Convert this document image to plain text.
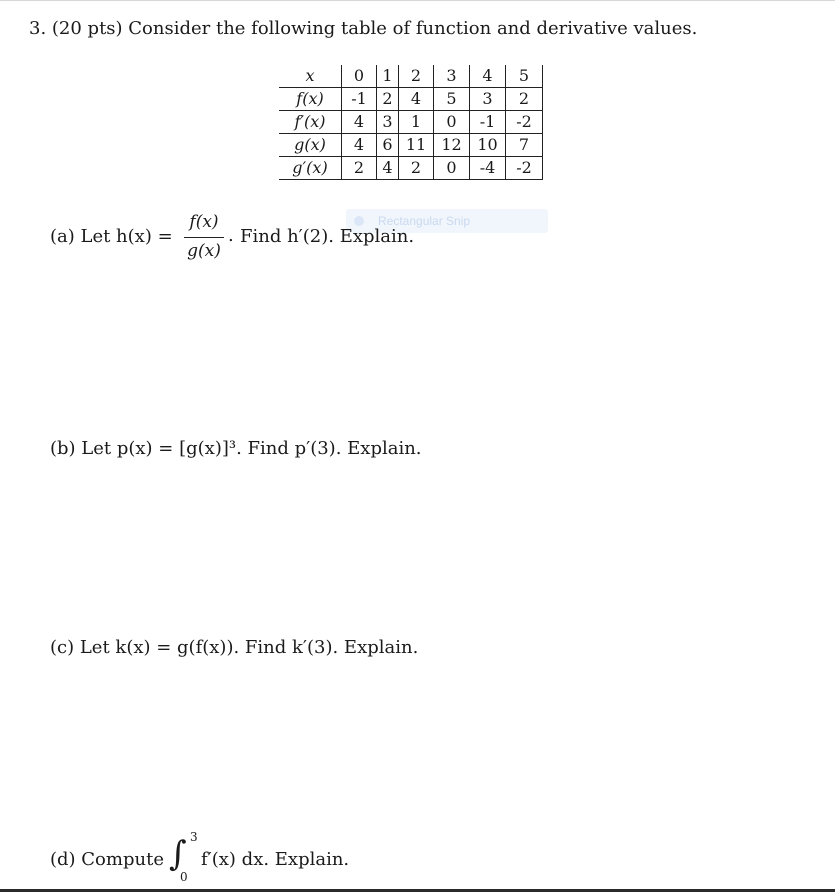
3. (20 pts) Consider the following table of function and derivative values.
x	0	1	2	3	4	5
f(x)	-1	2	4	5	3	2
f′(x)	4	3	1	0	-1	-2
g(x)	4	6	11	12	10	7
g′(x)	2	4	2	0	-4	-2
Rectangular Snip
(a) Let h(x) =
f(x)
g(x)
. Find h′(2). Explain.
(b) Let p(x) = [g(x)]³. Find p′(3). Explain.
(c) Let k(x) = g(f(x)). Find k′(3). Explain.
(d) Compute ∫ 3
0
f′(x) dx. Explain.
